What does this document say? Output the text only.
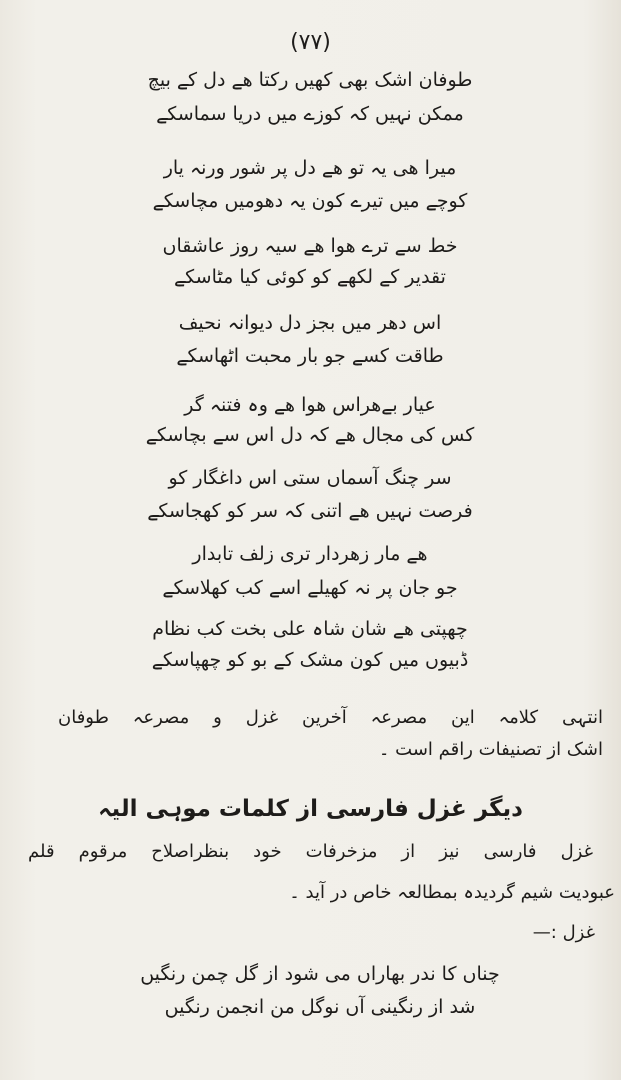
(۷۷)
طوفان اشک بھی کھیں رکتا ھے دل کے بیچ
ممکن نہیں کہ کوزے میں دریا سماسکے
میرا ھی یہ تو ھے دل پر شور ورنہ یار
کوچے میں تیرے کون یہ دھومیں مچاسکے
خط سے ترے ھوا ھے سیہ روز عاشقاں
تقدیر کے لکھے کو کوئی کیا مٹاسکے
اس دھر میں بجز دل دیوانہ نحیف
طاقت کسے جو بار محبت اٹھاسکے
عیار بےھراس ھوا ھے وہ فتنہ گر
کس کی مجال ھے کہ دل اس سے بچاسکے
سر چنگ آسماں ستی اس داغگار کو
فرصت نہیں ھے اتنی کہ سر کو کھجاسکے
ھے مار زھردار تری زلف تابدار
جو جان پر نہ کھیلے اسے کب کھلاسکے
چھپتی ھے شان شاہ علی بخت کب نظام
ڈبیوں میں کون مشک کے بو کو چھپاسکے
انتہی کلامہ این مصرعہ آخرین غزل و مصرعہ طوفان
اشک از تصنیفات راقم است ۔
دیگر غزل فارسی از کلمات موہی الیہ
غزل فارسی نیز از مزخرفات خود بنظراصلاح مرقوم قلم
عبودیت شیم گردیدہ بمطالعہ خاص در آید ۔
غزل :—
چناں کا ندر بھاراں می شود از گل چمن رنگیں
شد از رنگینی آں نوگل من انجمن رنگیں
